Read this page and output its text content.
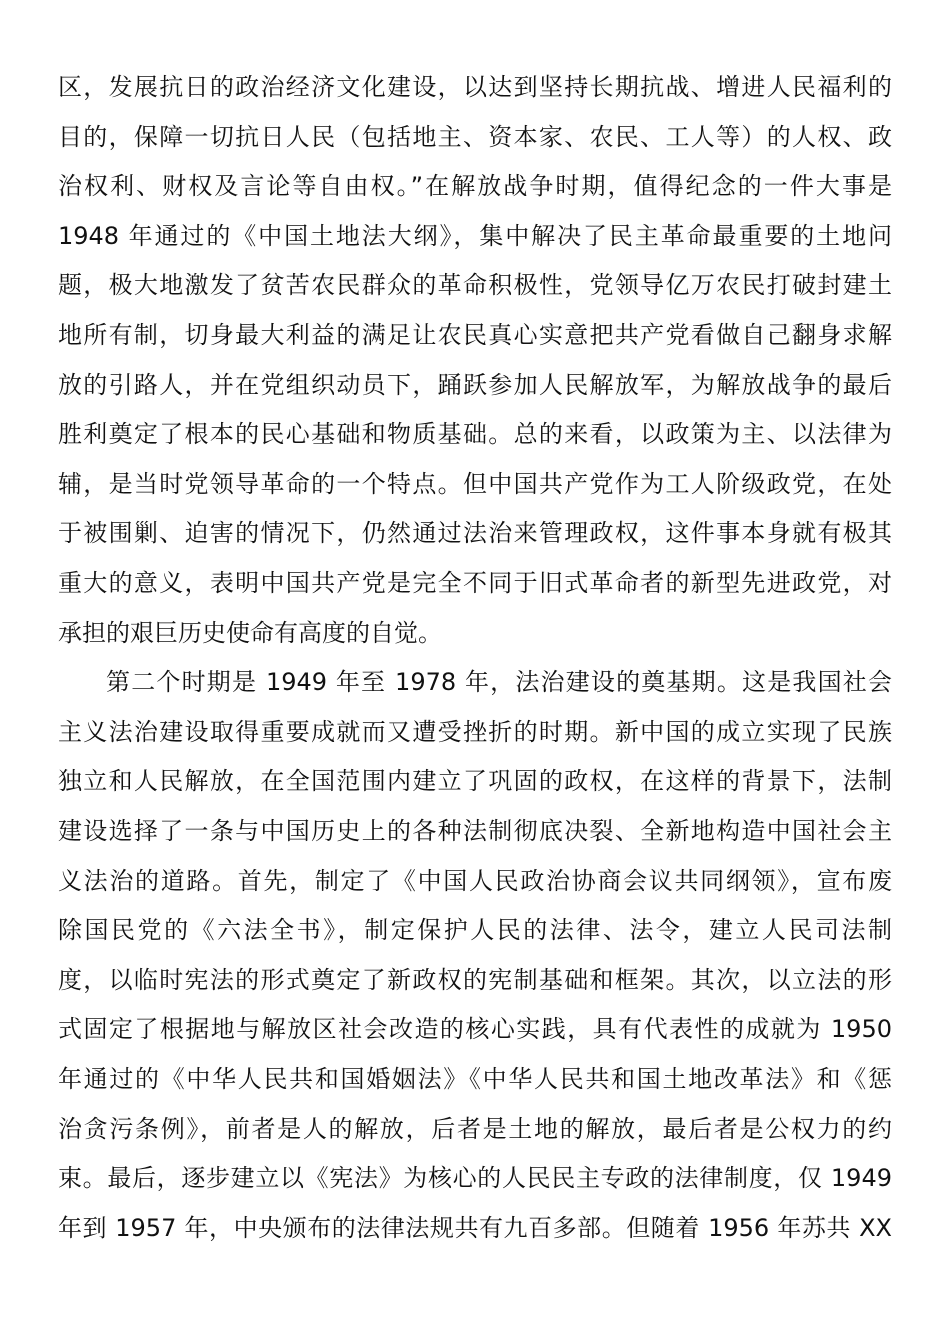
区，发展抗日的政治经济文化建设，以达到坚持长期抗战、增进人民福利的
目的，保障一切抗日人民（包括地主、资本家、农民、工人等）的人权、政
治权利、财权及言论等自由权。”在解放战争时期，值得纪念的一件大事是
1948 年通过的《中国土地法大纲》，集中解决了民主革命最重要的土地问
题，极大地激发了贫苦农民群众的革命积极性，党领导亿万农民打破封建土
地所有制，切身最大利益的满足让农民真心实意把共产党看做自己翻身求解
放的引路人，并在党组织动员下，踊跃参加人民解放军，为解放战争的最后
胜利奠定了根本的民心基础和物质基础。总的来看，以政策为主、以法律为
辅，是当时党领导革命的一个特点。但中国共产党作为工人阶级政党，在处
于被围剿、迫害的情况下，仍然通过法治来管理政权，这件事本身就有极其
重大的意义，表明中国共产党是完全不同于旧式革命者的新型先进政党，对
承担的艰巨历史使命有高度的自觉。
第二个时期是 1949 年至 1978 年，法治建设的奠基期。这是我国社会
主义法治建设取得重要成就而又遭受挫折的时期。新中国的成立实现了民族
独立和人民解放，在全国范围内建立了巩固的政权，在这样的背景下，法制
建设选择了一条与中国历史上的各种法制彻底决裂、全新地构造中国社会主
义法治的道路。首先，制定了《中国人民政治协商会议共同纲领》，宣布废
除国民党的《六法全书》，制定保护人民的法律、法令，建立人民司法制
度，以临时宪法的形式奠定了新政权的宪制基础和框架。其次，以立法的形
式固定了根据地与解放区社会改造的核心实践，具有代表性的成就为 1950
年通过的《中华人民共和国婚姻法》《中华人民共和国土地改革法》和《惩
治贪污条例》，前者是人的解放，后者是土地的解放，最后者是公权力的约
束。最后，逐步建立以《宪法》为核心的人民民主专政的法律制度，仅 1949
年到 1957 年，中央颁布的法律法规共有九百多部。但随着 1956 年苏共 XX
